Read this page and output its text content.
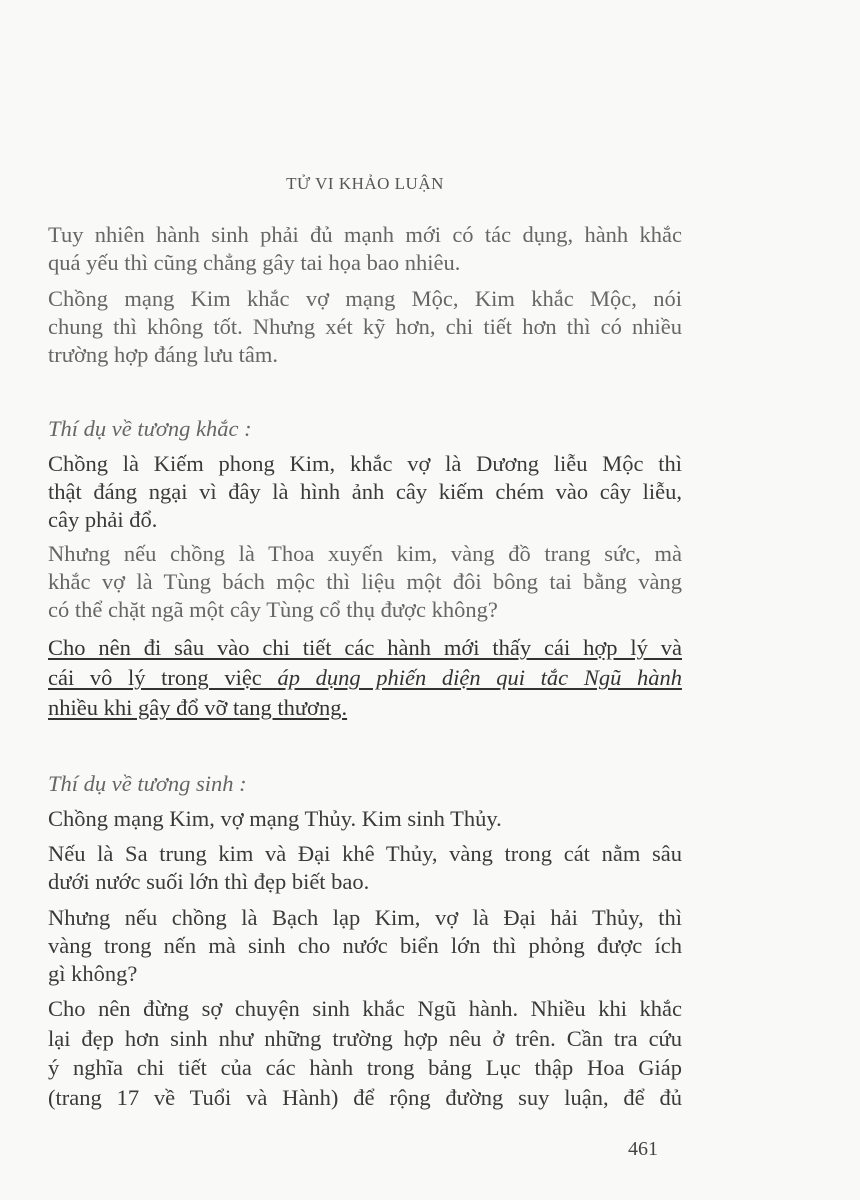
TỬ VI KHẢO LUẬN
Tuy nhiên hành sinh phải đủ mạnh mới có tác dụng, hành khắc
quá yếu thì cũng chẳng gây tai họa bao nhiêu.
Chồng mạng Kim khắc vợ mạng Mộc, Kim khắc Mộc, nói
chung thì không tốt. Nhưng xét kỹ hơn, chi tiết hơn thì có nhiều
trường hợp đáng lưu tâm.
Thí dụ về tương khắc :
Chồng là Kiếm phong Kim, khắc vợ là Dương liễu Mộc thì
thật đáng ngại vì đây là hình ảnh cây kiếm chém vào cây liễu,
cây phải đổ.
Nhưng nếu chồng là Thoa xuyến kim, vàng đồ trang sức, mà
khắc vợ là Tùng bách mộc thì liệu một đôi bông tai bằng vàng
có thể chặt ngã một cây Tùng cổ thụ được không?
Cho nên đi sâu vào chi tiết các hành mới thấy cái hợp lý và
cái vô lý trong việc áp dụng phiến diện qui tắc Ngũ hành
nhiều khi gây đổ vỡ tang thương.
Thí dụ về tương sinh :
Chồng mạng Kim, vợ mạng Thủy. Kim sinh Thủy.
Nếu là Sa trung kim và Đại khê Thủy, vàng trong cát nằm sâu
dưới nước suối lớn thì đẹp biết bao.
Nhưng nếu chồng là Bạch lạp Kim, vợ là Đại hải Thủy, thì
vàng trong nến mà sinh cho nước biển lớn thì phỏng được ích
gì không?
Cho nên đừng sợ chuyện sinh khắc Ngũ hành. Nhiều khi khắc
lại đẹp hơn sinh như những trường hợp nêu ở trên. Cần tra cứu
ý nghĩa chi tiết của các hành trong bảng Lục thập Hoa Giáp
(trang 17 về Tuổi và Hành) để rộng đường suy luận, để đủ
461
